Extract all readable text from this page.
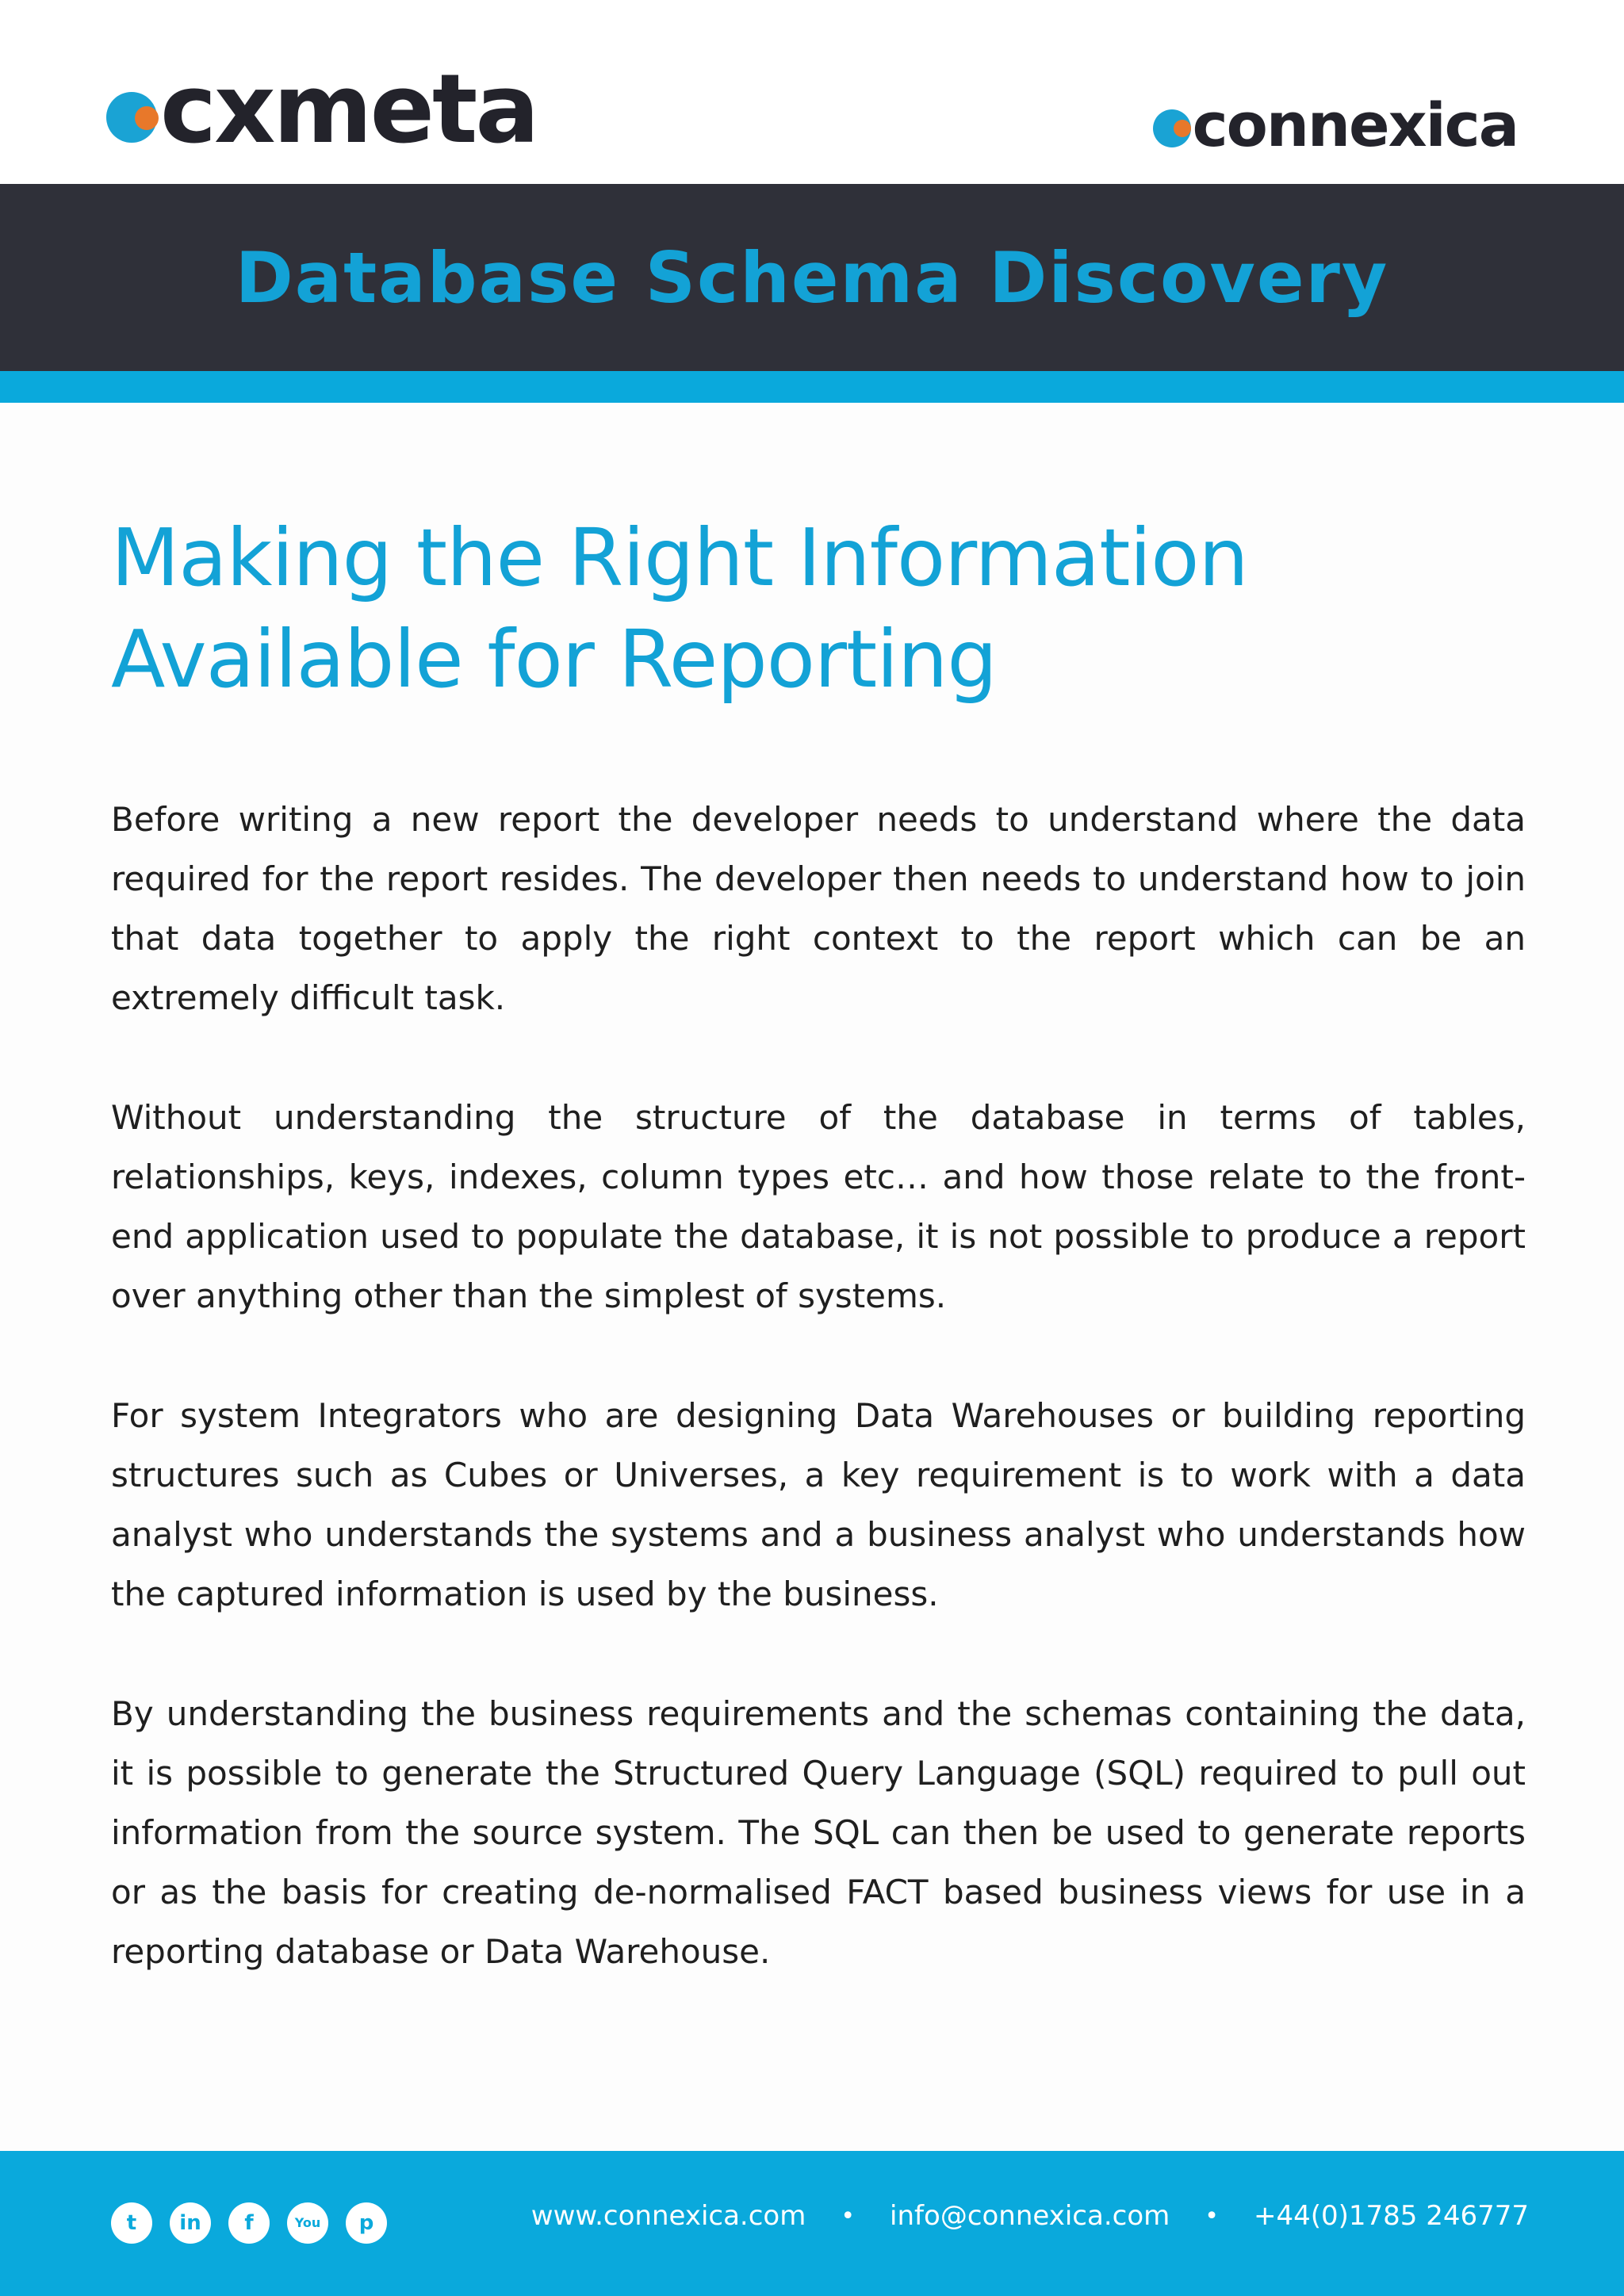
cxmeta	connexica
Database Schema Discovery
Making the Right Information
Available for Reporting

Before writing a new report the developer needs to understand where the data required for the report resides. The developer then needs to understand how to join that data together to apply the right context to the report which can be an extremely difficult task.

Without understanding the structure of the database in terms of tables, relationships, keys, indexes, column types etc… and how those relate to the front-end application used to populate the database, it is not possible to produce a report over anything other than the simplest of systems.

For system Integrators who are designing Data Warehouses or building reporting structures such as Cubes or Universes, a key requirement is to work with a data analyst who understands the systems and a business analyst who understands how the captured information is used by the business.

By understanding the business requirements and the schemas containing the data, it is possible to generate the Structured Query Language (SQL) required to pull out information from the source system. The SQL can then be used to generate reports or as the basis for creating de-normalised FACT based business views for use in a reporting database or Data Warehouse.

t	in	f	You	p	www.connexica.com • info@connexica.com • +44(0)1785 246777
